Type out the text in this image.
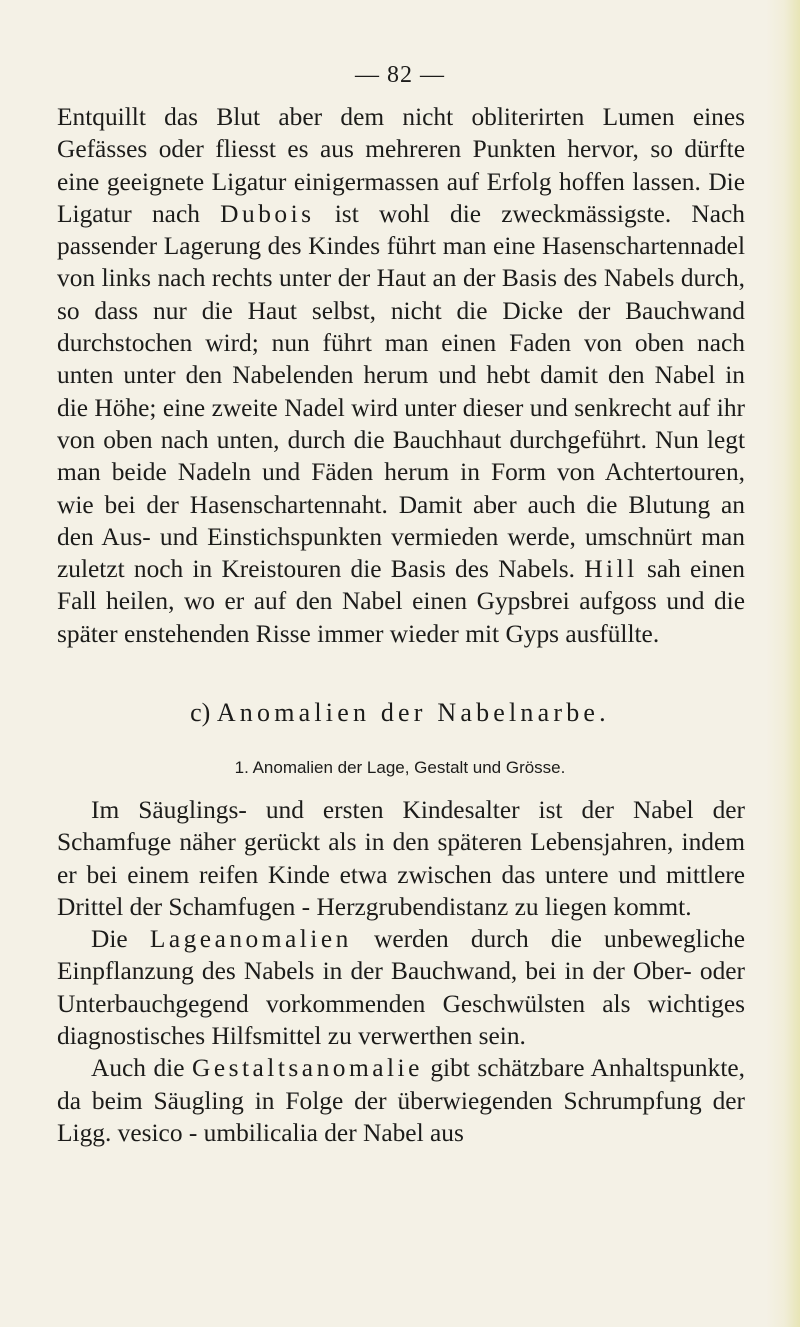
— 82 —

Entquillt das Blut aber dem nicht obliterirten Lumen eines Gefässes oder fliesst es aus mehreren Punkten hervor, so dürfte eine geeignete Ligatur einigermassen auf Erfolg hoffen lassen. Die Ligatur nach Dubois ist wohl die zweckmässigste. Nach passender Lagerung des Kindes führt man eine Hasenschartennadel von links nach rechts unter der Haut an der Basis des Nabels durch, so dass nur die Haut selbst, nicht die Dicke der Bauchwand durchstochen wird; nun führt man einen Faden von oben nach unten unter den Nabelenden herum und hebt damit den Nabel in die Höhe; eine zweite Nadel wird unter dieser und senkrecht auf ihr von oben nach unten, durch die Bauchhaut durchgeführt. Nun legt man beide Nadeln und Fäden herum in Form von Achtertouren, wie bei der Hasenschartennaht. Damit aber auch die Blutung an den Aus- und Einstichspunkten vermieden werde, umschnürt man zuletzt noch in Kreistouren die Basis des Nabels. Hill sah einen Fall heilen, wo er auf den Nabel einen Gypsbrei aufgoss und die später enstehenden Risse immer wieder mit Gyps ausfüllte.

c) Anomalien der Nabelnarbe.
1. Anomalien der Lage, Gestalt und Grösse.

Im Säuglings- und ersten Kindesalter ist der Nabel der Schamfuge näher gerückt als in den späteren Lebensjahren, indem er bei einem reifen Kinde etwa zwischen das untere und mittlere Drittel der Schamfugen - Herzgrubendistanz zu liegen kommt.

Die Lageanomalien werden durch die unbewegliche Einpflanzung des Nabels in der Bauchwand, bei in der Ober- oder Unterbauchgegend vorkommenden Geschwülsten als wichtiges diagnostisches Hilfsmittel zu verwerthen sein.

Auch die Gestaltsanomalie gibt schätzbare Anhaltspunkte, da beim Säugling in Folge der überwiegenden Schrumpfung der Ligg. vesico - umbilicalia der Nabel aus
